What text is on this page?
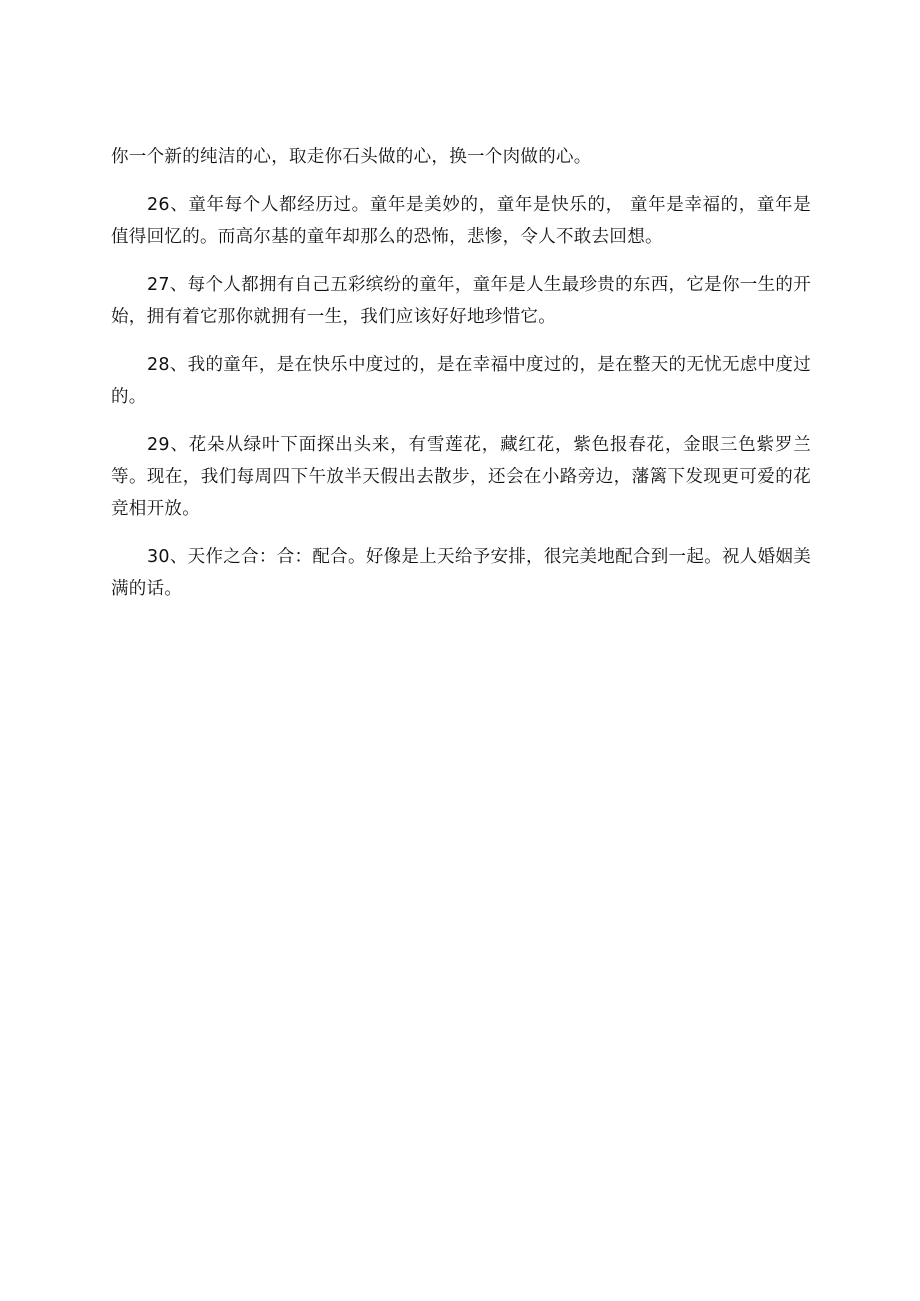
你一个新的纯洁的心，取走你石头做的心，换一个肉做的心。

26、童年每个人都经历过。童年是美妙的，童年是快乐的， 童年是幸福的，童年是值得回忆的。而高尔基的童年却那么的恐怖，悲惨，令人不敢去回想。

27、每个人都拥有自己五彩缤纷的童年，童年是人生最珍贵的东西，它是你一生的开始，拥有着它那你就拥有一生，我们应该好好地珍惜它。

28、我的童年，是在快乐中度过的，是在幸福中度过的，是在整天的无忧无虑中度过的。

29、花朵从绿叶下面探出头来，有雪莲花，藏红花，紫色报春花，金眼三色紫罗兰等。现在，我们每周四下午放半天假出去散步，还会在小路旁边，藩篱下发现更可爱的花竞相开放。

30、天作之合：合：配合。好像是上天给予安排，很完美地配合到一起。祝人婚姻美满的话。
